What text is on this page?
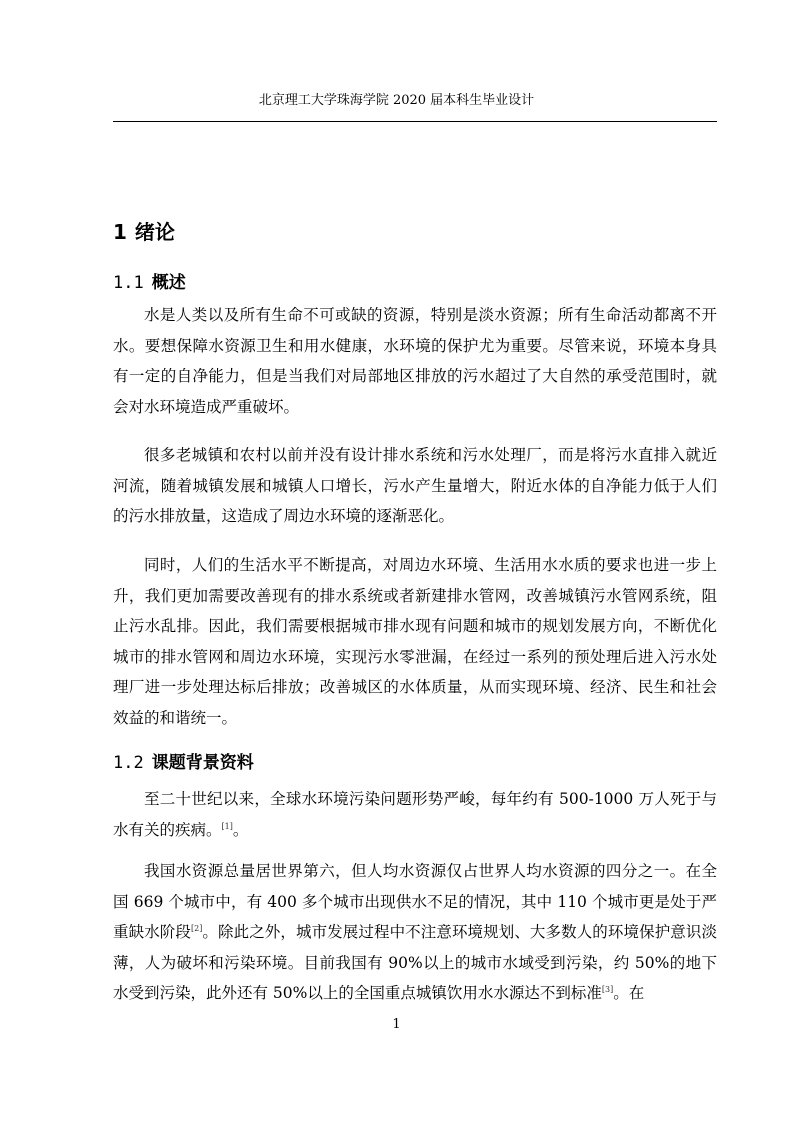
北京理工大学珠海学院 2020 届本科生毕业设计
1 绪论
1.1 概述

水是人类以及所有生命不可或缺的资源，特别是淡水资源；所有生命活动都离不开水。要想保障水资源卫生和用水健康，水环境的保护尤为重要。尽管来说，环境本身具有一定的自净能力，但是当我们对局部地区排放的污水超过了大自然的承受范围时，就会对水环境造成严重破坏。

很多老城镇和农村以前并没有设计排水系统和污水处理厂，而是将污水直排入就近河流，随着城镇发展和城镇人口增长，污水产生量增大，附近水体的自净能力低于人们的污水排放量，这造成了周边水环境的逐渐恶化。

同时，人们的生活水平不断提高，对周边水环境、生活用水水质的要求也进一步上升，我们更加需要改善现有的排水系统或者新建排水管网，改善城镇污水管网系统，阻止污水乱排。因此，我们需要根据城市排水现有问题和城市的规划发展方向，不断优化城市的排水管网和周边水环境，实现污水零泄漏，在经过一系列的预处理后进入污水处理厂进一步处理达标后排放；改善城区的水体质量，从而实现环境、经济、民生和社会效益的和谐统一。

1.2 课题背景资料

至二十世纪以来，全球水环境污染问题形势严峻，每年约有 500-1000 万人死于与水有关的疾病。[1]。

我国水资源总量居世界第六，但人均水资源仅占世界人均水资源的四分之一。在全国 669 个城市中，有 400 多个城市出现供水不足的情况，其中 110 个城市更是处于严重缺水阶段[2]。除此之外，城市发展过程中不注意环境规划、大多数人的环境保护意识淡薄，人为破坏和污染环境。目前我国有 90%以上的城市水域受到污染，约 50%的地下水受到污染，此外还有 50%以上的全国重点城镇饮用水水源达不到标准[3]。在

1
